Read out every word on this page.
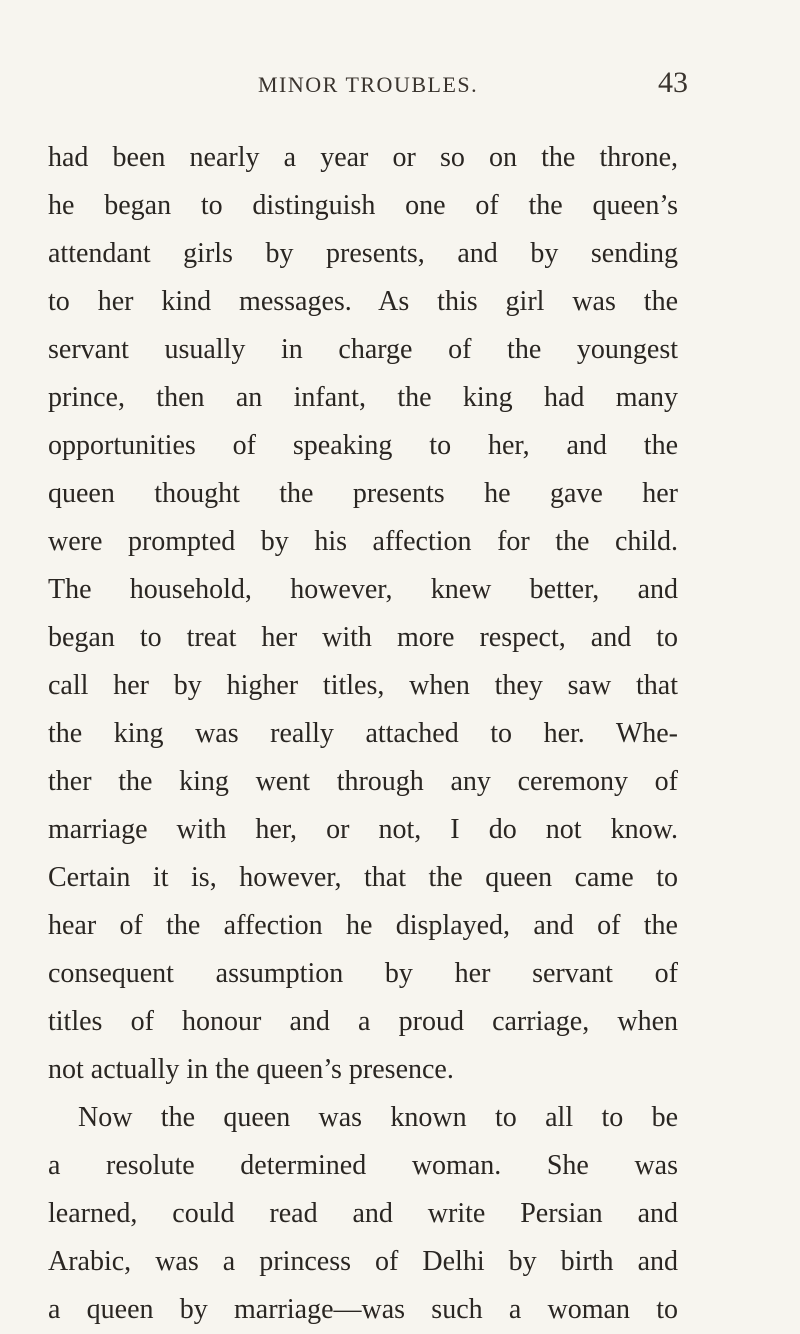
MINOR TROUBLES.	43
had been nearly a year or so on the throne,
he began to distinguish one of the queen’s
attendant girls by presents, and by sending
to her kind messages. As this girl was the
servant usually in charge of the youngest
prince, then an infant, the king had many
opportunities of speaking to her, and the
queen thought the presents he gave her
were prompted by his affection for the child.
The household, however, knew better, and
began to treat her with more respect, and to
call her by higher titles, when they saw that
the king was really attached to her. Whe-
ther the king went through any ceremony of
marriage with her, or not, I do not know.
Certain it is, however, that the queen came to
hear of the affection he displayed, and of the
consequent assumption by her servant of
titles of honour and a proud carriage, when
not actually in the queen’s presence.
Now the queen was known to all to be
a resolute determined woman. She was
learned, could read and write Persian and
Arabic, was a princess of Delhi by birth and
a queen by marriage—was such a woman to
